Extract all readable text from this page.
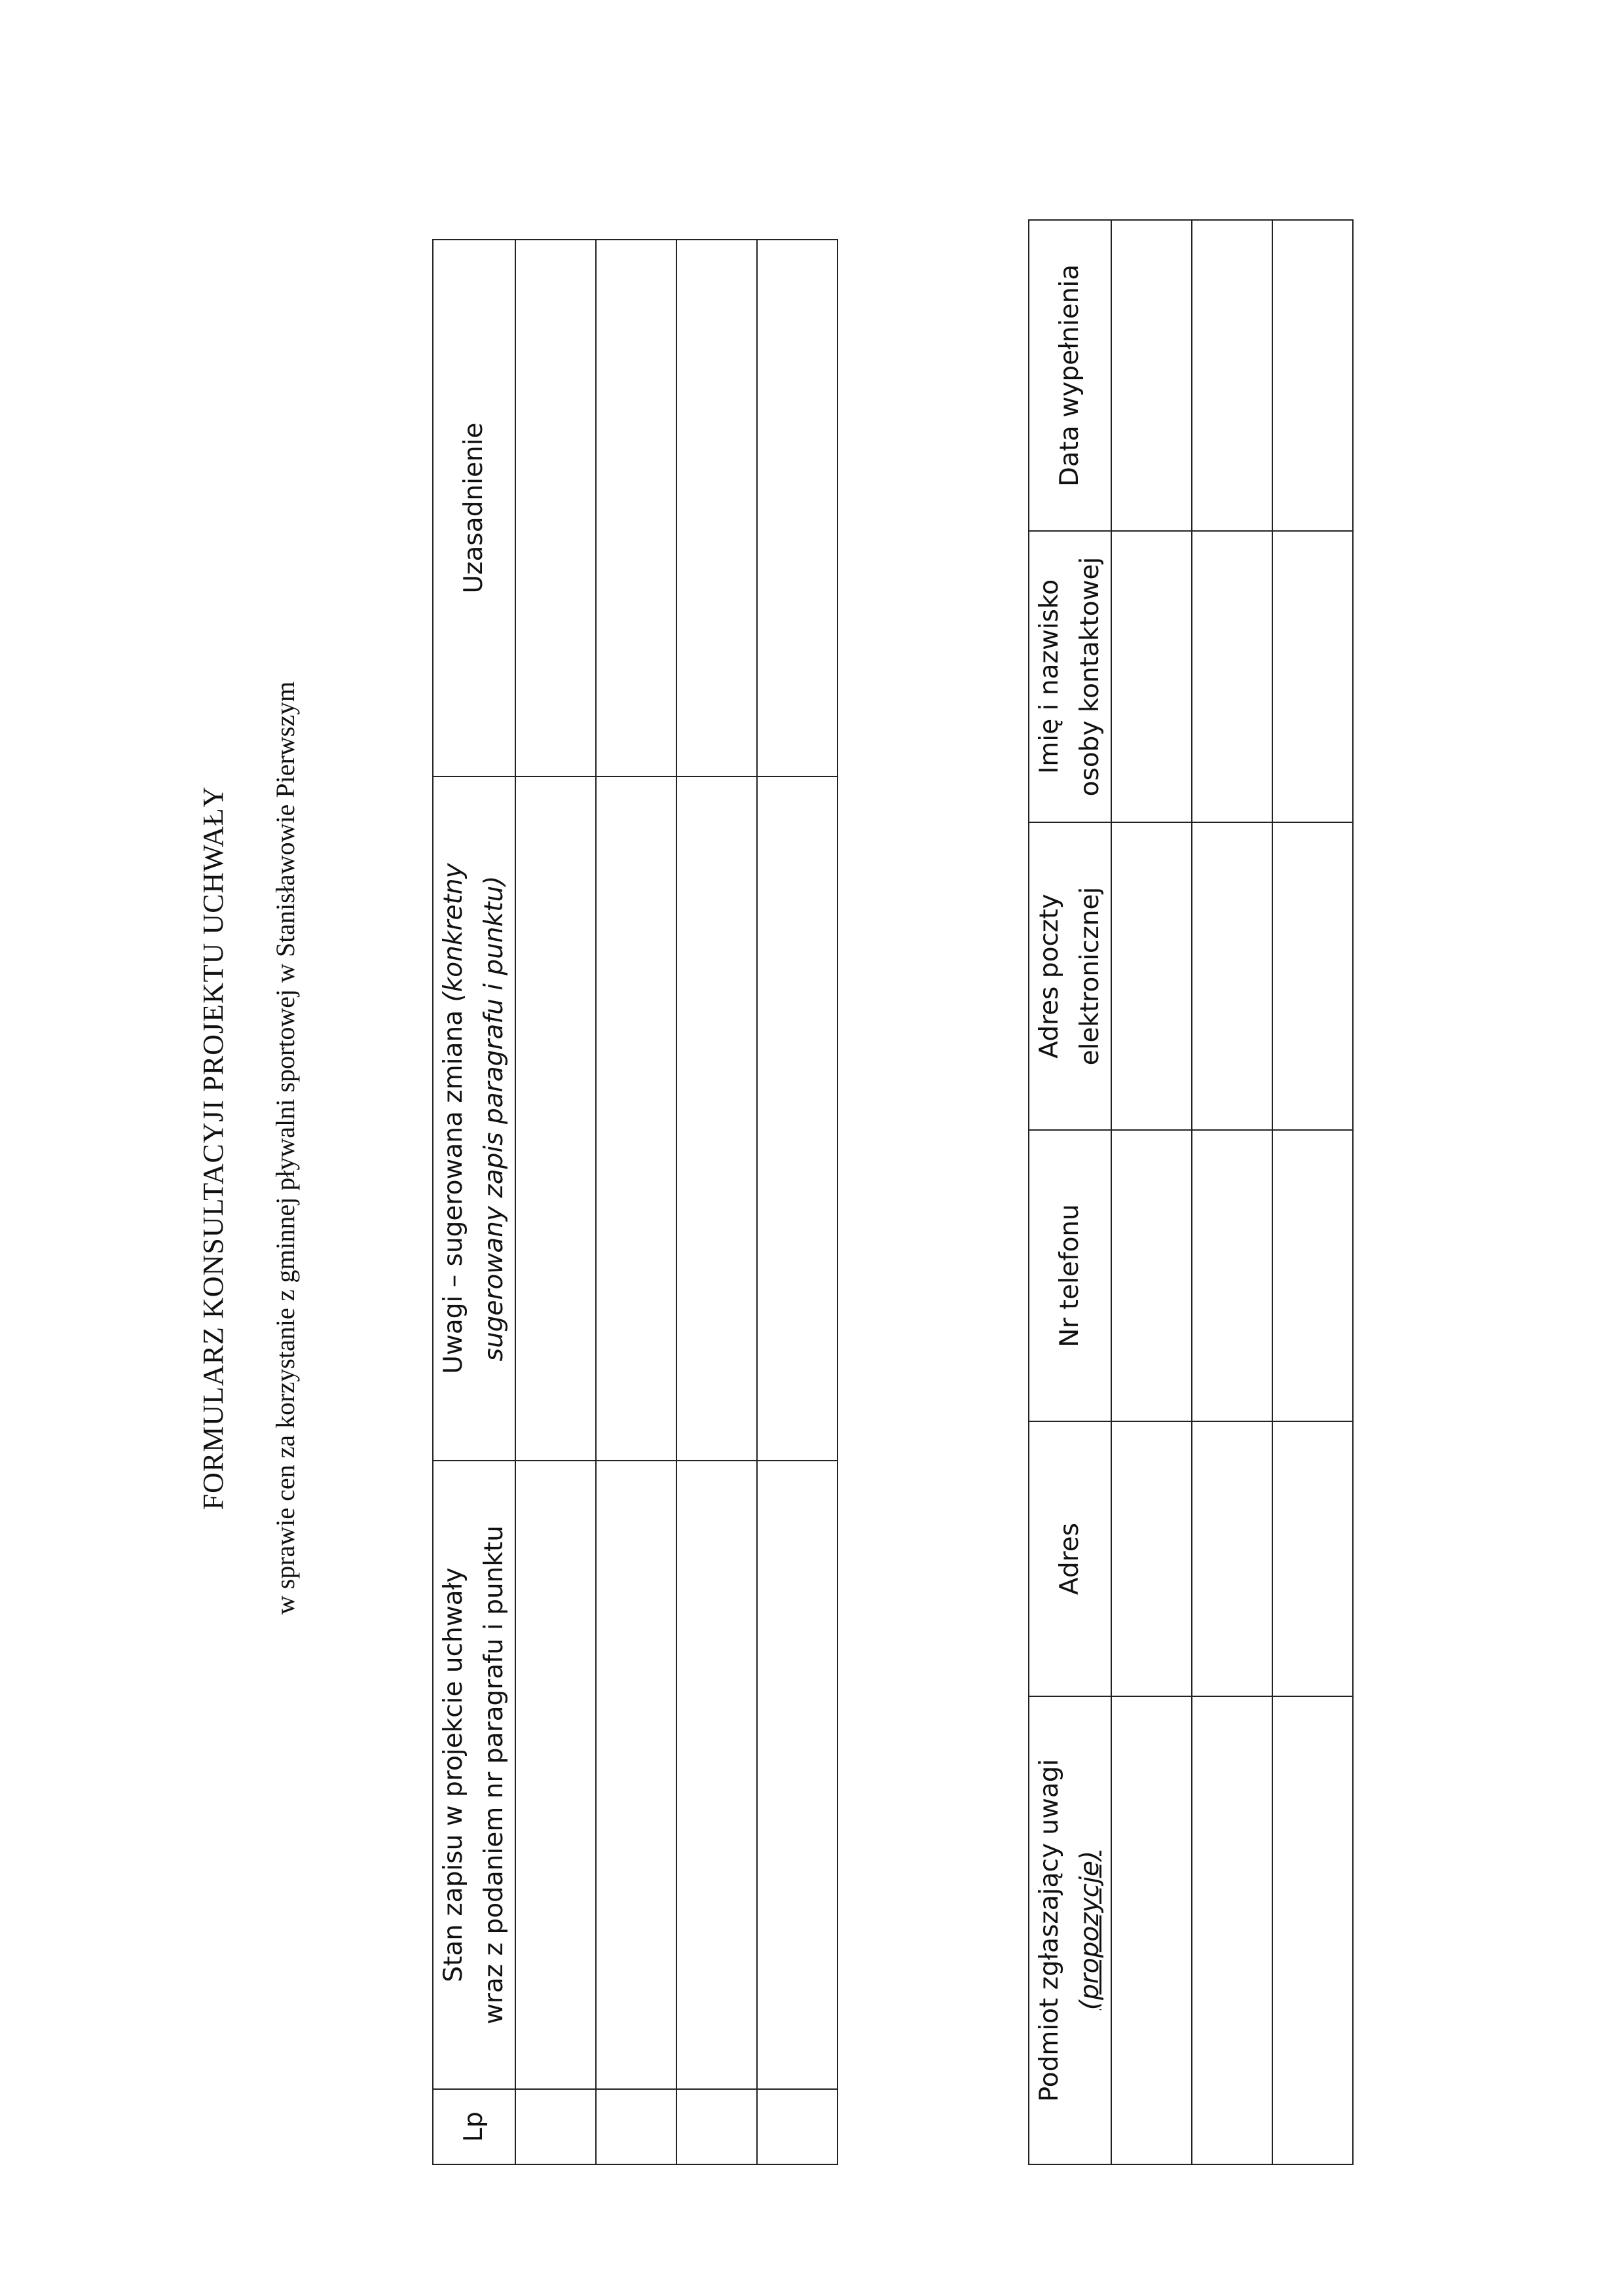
FORMULARZ KONSULTACYJI PROJEKTU UCHWAŁY w sprawie cen za korzystanie z gminnej pływalni sportowej w Stanisławowie Pierwszym
Lp	Stan zapisu w projekcie uchwały wraz z podaniem nr paragrafu i punktu	Uwagi – sugerowana zmiana (konkretny sugerowany zapis paragrafu i punktu)	Uzasadnienie

Podmiot zgłaszający uwagi (propozycje)	Adres	Nr telefonu	Adres poczty elektronicznej	Imię i nazwisko osoby kontaktowej	Data wypełnienia
